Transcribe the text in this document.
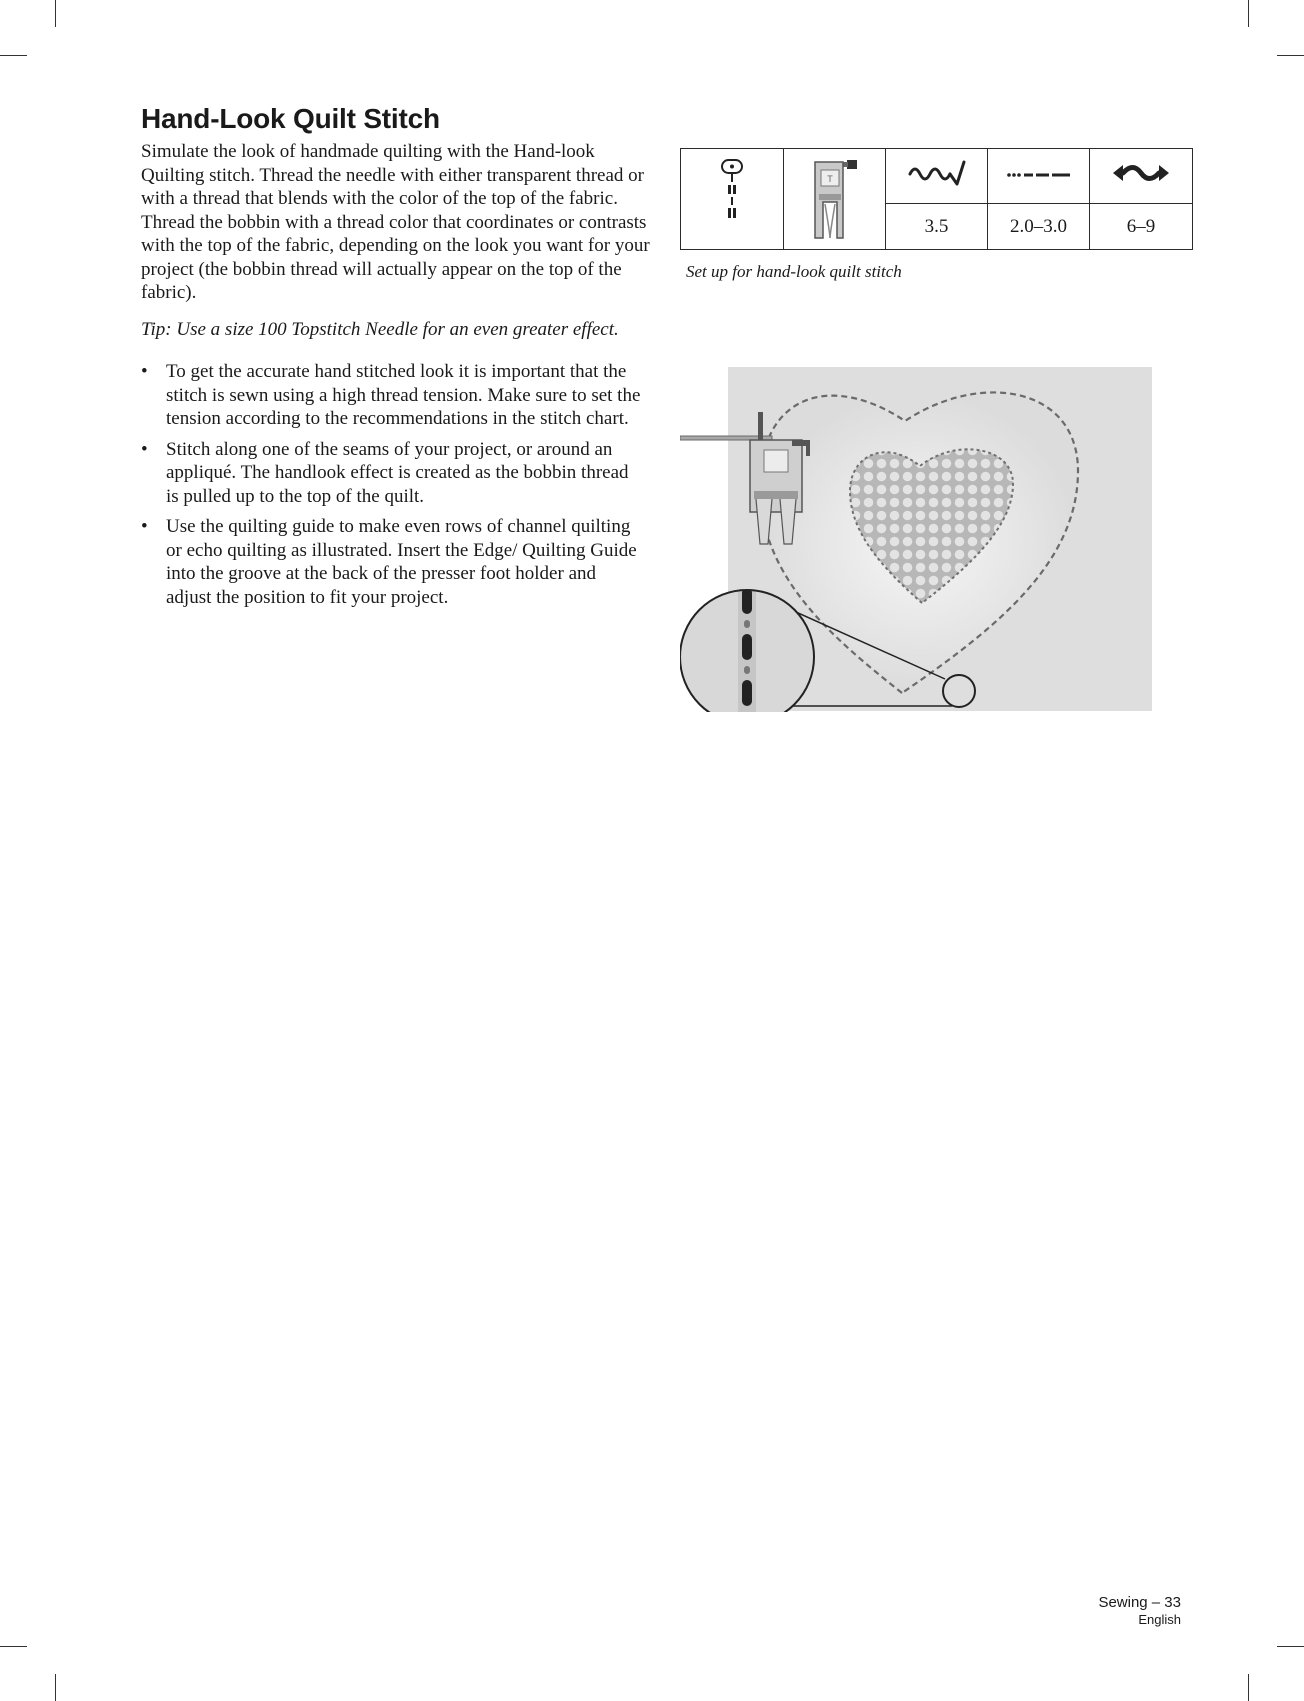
Hand-Look Quilt Stitch

Simulate the look of handmade quilting with the Hand-look Quilting stitch. Thread the needle with either transparent thread or with a thread that blends with the color of the top of the fabric. Thread the bobbin with a thread color that coordinates or contrasts with the top of the fabric, depending on the look you want for your project (the bobbin thread will actually appear on the top of the fabric).

Tip: Use a size 100 Topstitch Needle for an even greater effect.

• To get the accurate hand stitched look it is important that the stitch is sewn using a high thread tension. Make sure to set the tension according to the recommendations in the stitch chart.
• Stitch along one of the seams of your project, or around an appliqué. The handlook effect is created as the bobbin thread is pulled up to the top of the quilt.
• Use the quilting guide to make even rows of channel quilting or echo quilting as illustrated. Insert the Edge/ Quilting Guide into the groove at the back of the presser foot holder and adjust the position to fit your project.

T

		3.5	2.0–3.0	6–9

Set up for hand-look quilt stitch

Sewing – 33
English
